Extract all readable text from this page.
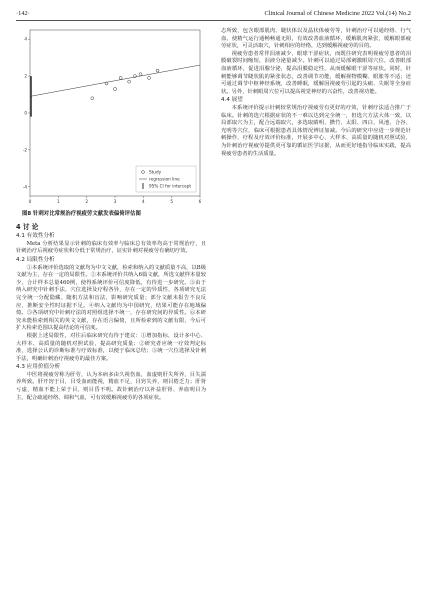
·142·	Clinical Journal of Chinese Medicine 2022 Vol.(14) No.2
-4
-2
0
2
4
0	1	2	3	4	5	6
Study
regression line
95% CI for intercept
图8 针刺对比常规治疗视疲劳文献发表偏倚评估图
4 讨 论
4.1 有效性分析

Meta 分析结果显示针刺的临床有效率与临床总有效率均高于常规治疗，且针刺治疗后视疲劳症状积分低于常规治疗，证实针刺对视疲劳有确切疗效。

4.2 局限性分析

①本系统评价选取的文献均为中文文献，检索和纳入的文献质量不高，以B级文献为主，存在一定的局限性。②本系统评价共纳入6篇文献，所选文献样本量较少，合计样本总量460例，使得系统评价可信度降低，有待进一步研究。③由于纳入研究中针刺手法、穴位选择及疗程各异，存在一定的异质性，各项研究无法完全统一分配隐藏、随机方法和盲法，影响研究质量；部分文献未报告不良反应，推断安全性时证据不足。④纳入文献均为中国研究，结果可能存在地域偏倚。⑤各项研究中针刺疗法的对照组选择不统一，存在研究间的异质性。⑥本研究未能检索到相关的英文文献，存在语言偏倚，且所检索到的文献有限，今后可扩大检索范围以提高结论的可信度。

根据上述局限性，对往后临床研究有待于建议：①增加指标，设计多中心、大样本、高质量的随机对照试验，提高研究质量；②研究者应统一疗效判定标准，选择公认的诊断标准与疗效标准，以便于临床总结；③统一穴位选择及针刺手法，明确针刺治疗视疲劳的最佳方案。

4.3 应用价值分析

中医将视疲劳称为肝劳，认为本病多由久视伤血，血虚则肝失所养，目失濡养所致。肝开窍于目，目受血而能视，精血不足，目窍失养，则目倦乏力；肝肾亏虚，精血不能上荣于目，则目昏不明。故针刺治疗以补益肝肾、养血明目为主，配合疏通经络、调和气血，可有效缓解视疲劳的各项症状。

志所致，包含眼部肌肉、睫状体以及晶状体疲劳等，针刺治疗可以通经络、行气血，使精气运行通畅畅通无阻，有效改善血液循环，缓解肌肉紧张，缓解眼部疲劳症状，可灵活取穴，针刺相应的经络，达到缓解视疲劳的目的。

视疲劳患者常伴泪液减少、眼球干涩症状，而既往研究表明视疲劳患者的泪膜破裂时间缩短，泪液分泌量减少。针刺可以通过局部刺激眼周穴位，改善眼部血液循环，促进泪腺分泌，提高泪膜稳定性，从而缓解眼干涩等症状。同时，针刺能够调节睫状肌的紧张状态，改善调节功能，缓解视物模糊、眼胀等不适；还可通过调节中枢神经系统，改善睡眠，缓解因视疲劳引起的头痛、失眠等全身症状。另外，针刺眼周穴位可以提高视觉神经的兴奋性，改善视功能。

4.4 展望

本系统评价提示针刺较常规治疗视疲劳有更好的疗效，针刺疗法适合推广于临床。针刺的选穴根据症状的不一难以达到完全统一，但选穴方法大体一致，以局部取穴为主，配合远端取穴，多选取睛明、攒竹、太阳、四白、风池、合谷、光明等穴位，临床可根据患者具体情况辨证加减。今后的研究中应进一步规范针刺操作、疗程及疗效评价标准，开展多中心、大样本、高质量的随机对照试验，为针刺治疗视疲劳提供更可靠的循证医学证据，从而更好地指导临床实践，提高视疲劳患者的生活质量。
